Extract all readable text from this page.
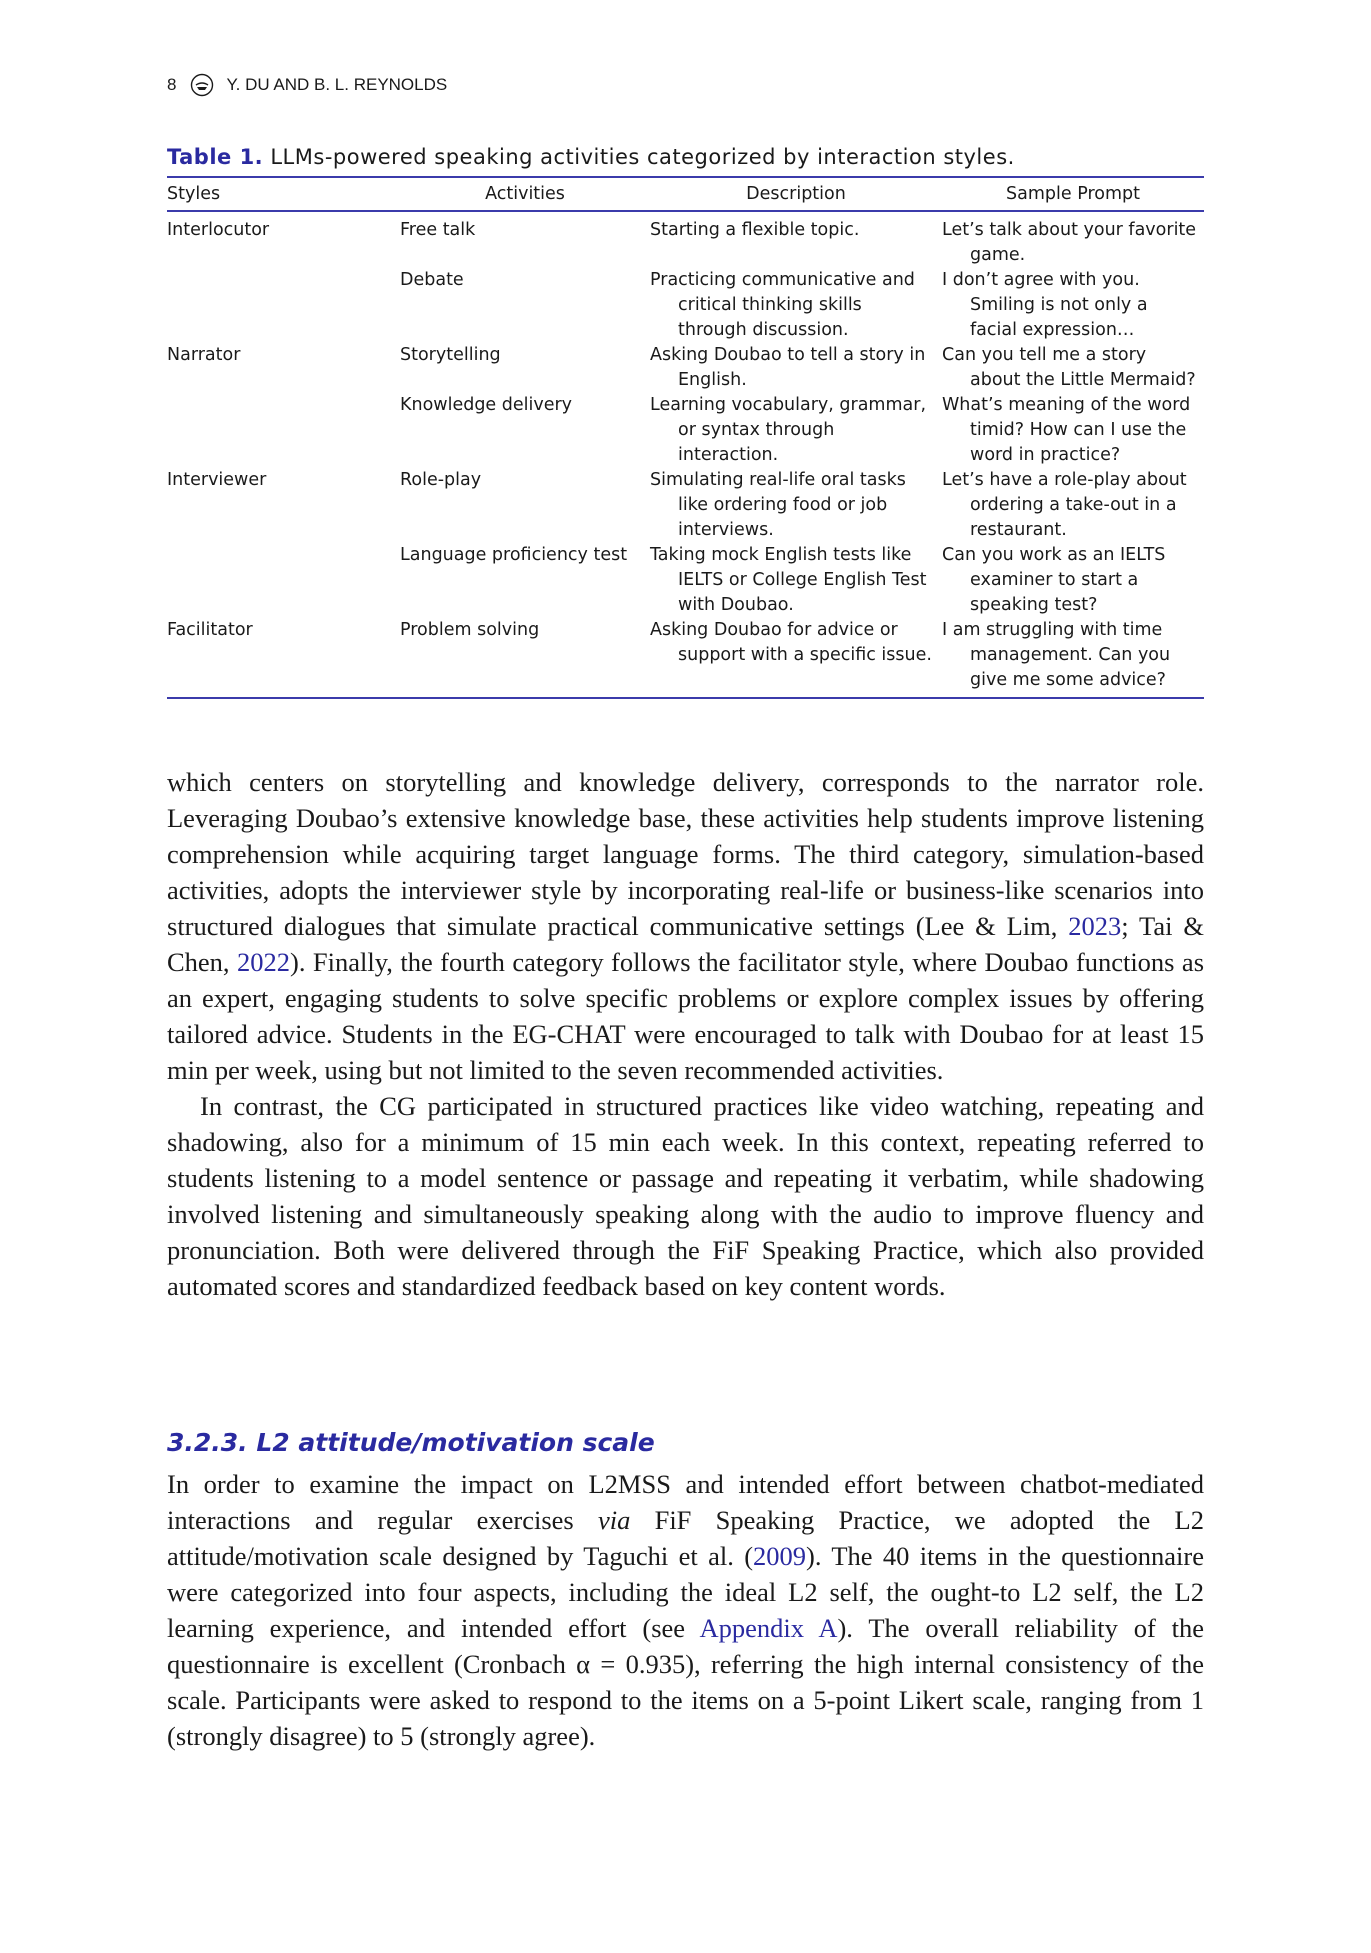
8	Y. DU AND B. L. REYNOLDS
Table 1. LLMs-powered speaking activities categorized by interaction styles.
Styles	Activities	Description	Sample Prompt
Interlocutor	Free talk	Starting a flexible topic.	Let’s talk about your favorite game.
	Debate	Practicing communicative and critical thinking skills through discussion.	I don’t agree with you. Smiling is not only a facial expression…
Narrator	Storytelling	Asking Doubao to tell a story in English.	Can you tell me a story about the Little Mermaid?
	Knowledge delivery	Learning vocabulary, grammar, or syntax through interaction.	What’s meaning of the word timid? How can I use the word in practice?
Interviewer	Role-play	Simulating real-life oral tasks like ordering food or job interviews.	Let’s have a role-play about ordering a take-out in a restaurant.
	Language proficiency test	Taking mock English tests like IELTS or College English Test with Doubao.	Can you work as an IELTS examiner to start a speaking test?
Facilitator	Problem solving	Asking Doubao for advice or support with a specific issue.	I am struggling with time management. Can you give me some advice?

which centers on storytelling and knowledge delivery, corresponds to the narrator role. Leveraging Doubao’s extensive knowledge base, these activities help students improve listening comprehension while acquiring target language forms. The third category, simulation-based activities, adopts the interviewer style by incorporating real-life or business-like scenarios into structured dialogues that simulate practical communicative settings (Lee & Lim, 2023; Tai & Chen, 2022). Finally, the fourth category follows the facilitator style, where Doubao functions as an expert, engaging students to solve specific problems or explore complex issues by offering tailored advice. Students in the EG-CHAT were encouraged to talk with Doubao for at least 15 min per week, using but not limited to the seven recommended activities.

In contrast, the CG participated in structured practices like video watching, repeating and shadowing, also for a minimum of 15 min each week. In this context, repeating referred to students listening to a model sentence or passage and repeating it verbatim, while shadowing involved listening and simultaneously speaking along with the audio to improve fluency and pronunciation. Both were delivered through the FiF Speaking Practice, which also provided automated scores and standardized feedback based on key content words.

3.2.3. L2 attitude/motivation scale

In order to examine the impact on L2MSS and intended effort between chatbot-mediated interactions and regular exercises via FiF Speaking Practice, we adopted the L2 attitude/motivation scale designed by Taguchi et al. (2009). The 40 items in the questionnaire were categorized into four aspects, including the ideal L2 self, the ought-to L2 self, the L2 learning experience, and intended effort (see Appendix A). The overall reliability of the questionnaire is excellent (Cronbach α = 0.935), referring the high internal consistency of the scale. Participants were asked to respond to the items on a 5-point Likert scale, ranging from 1 (strongly disagree) to 5 (strongly agree).
